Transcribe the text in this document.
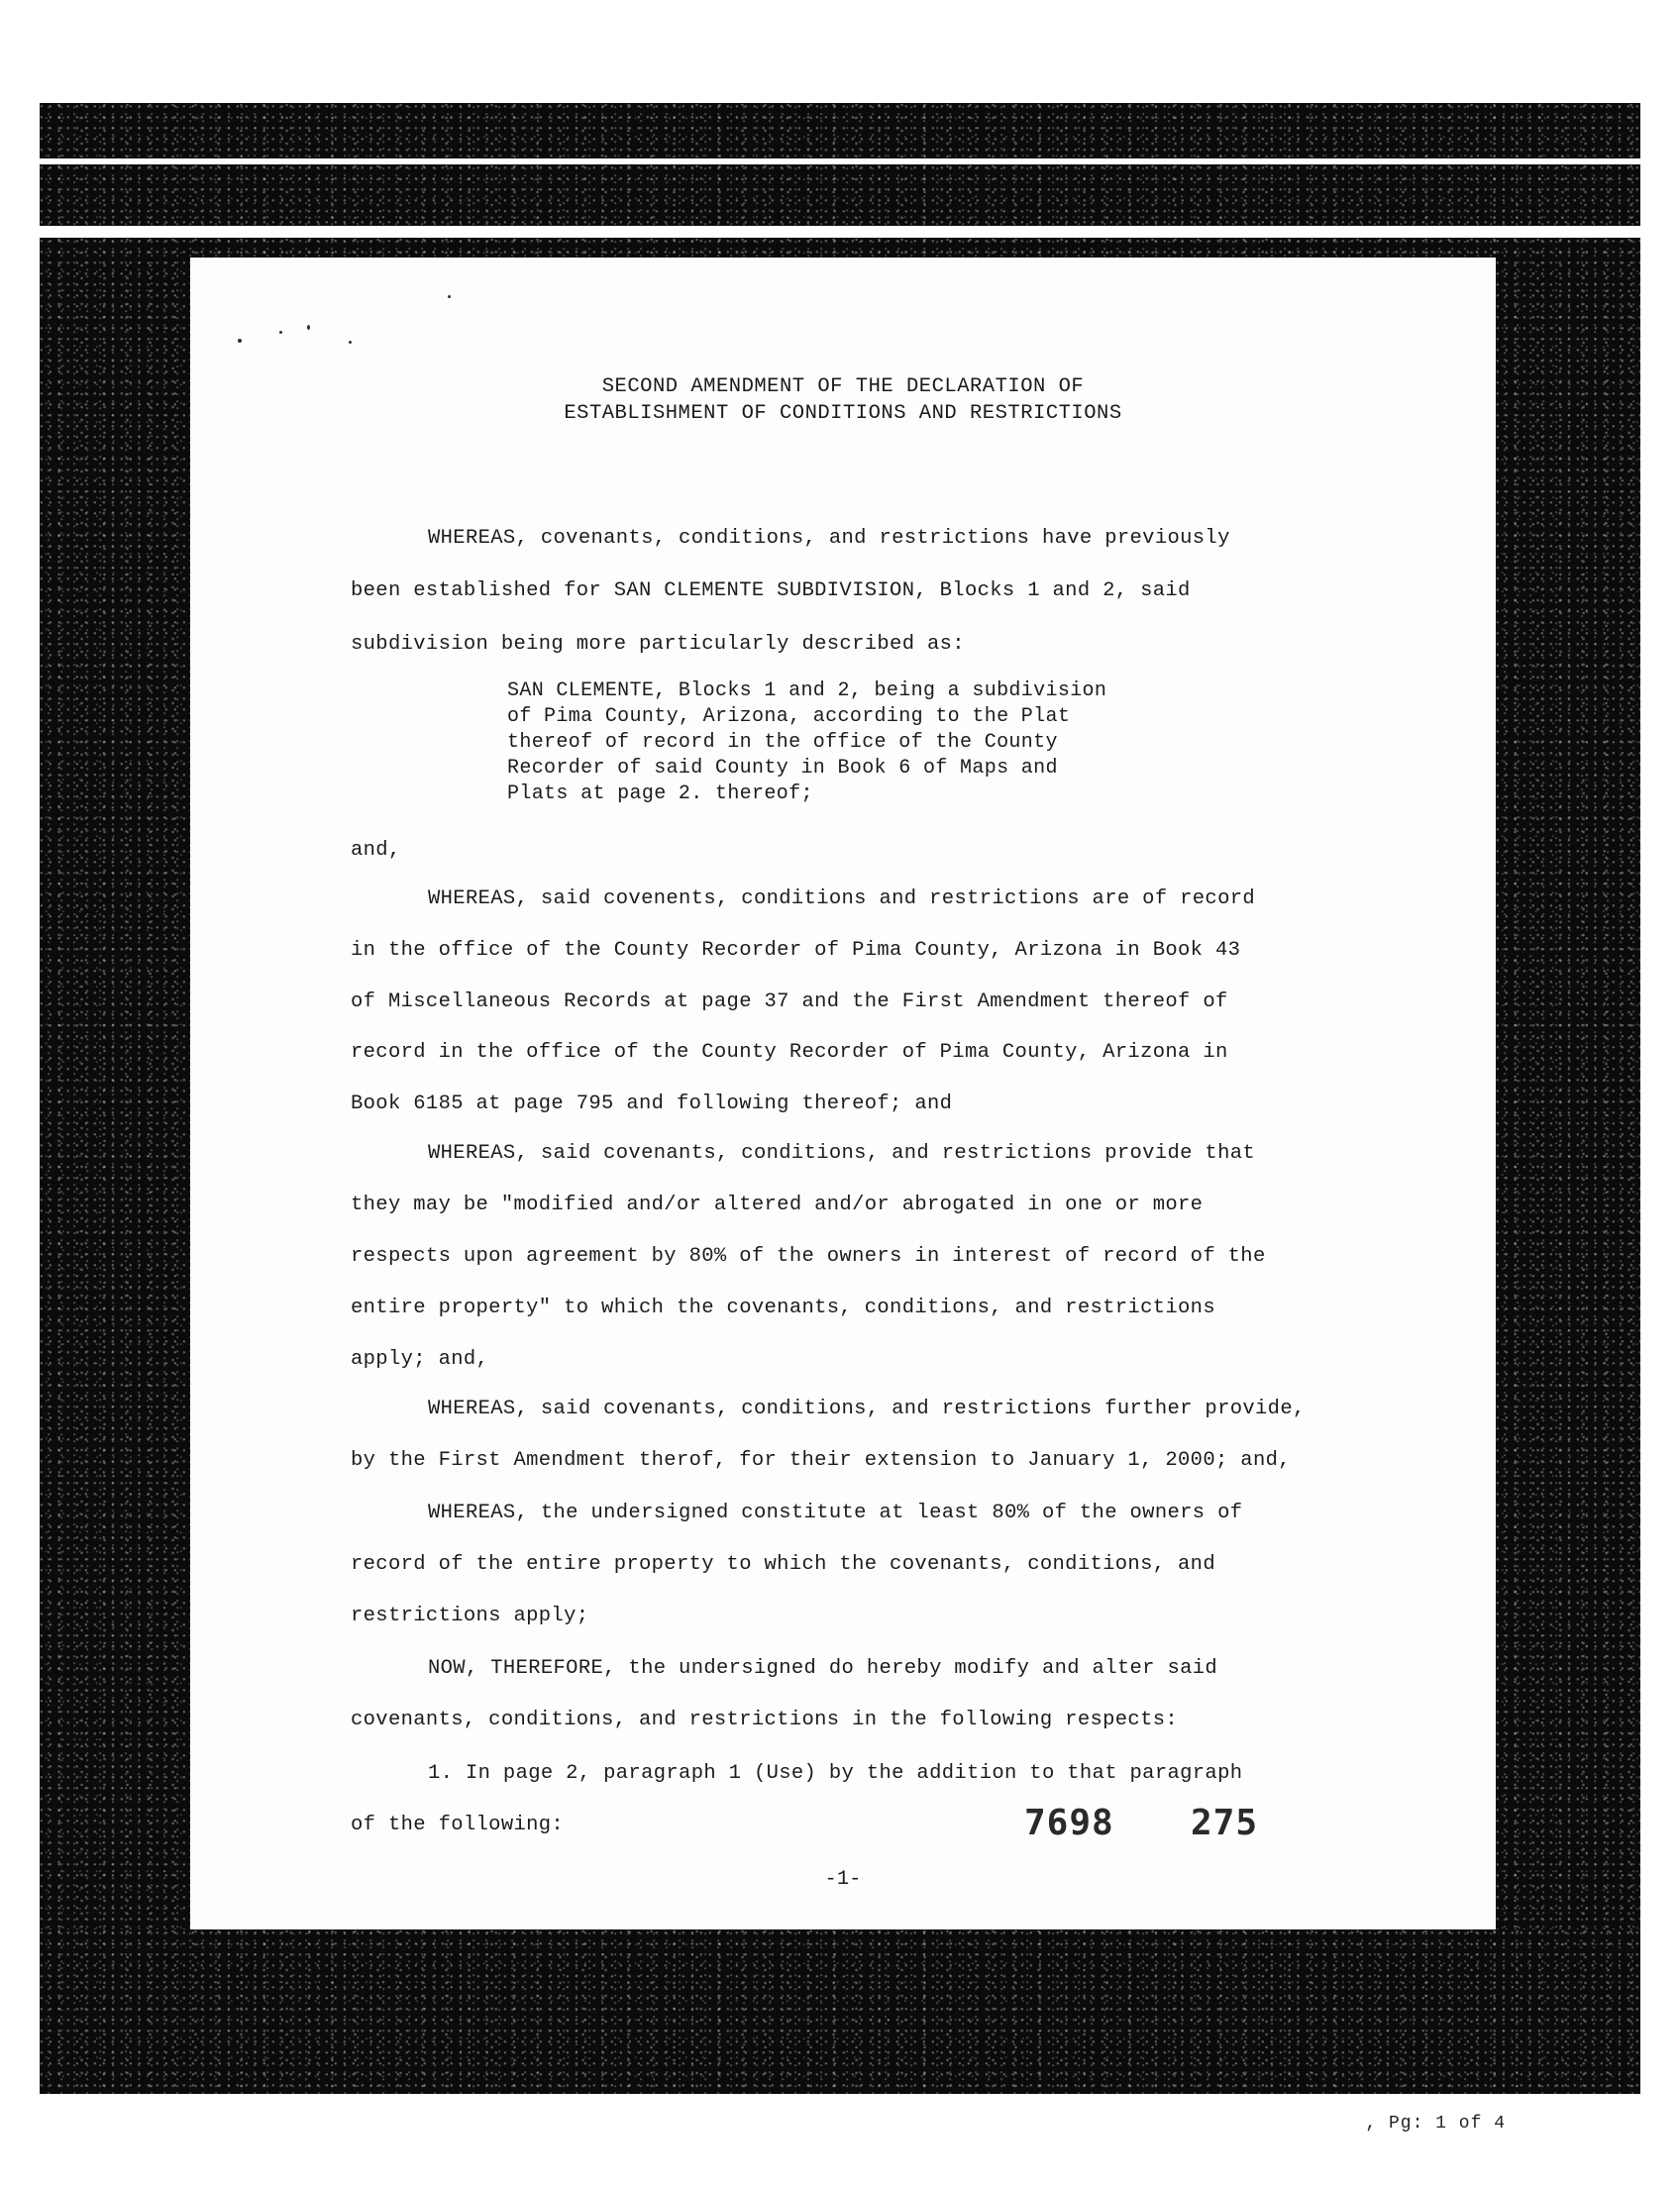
SECOND AMENDMENT OF THE DECLARATION OF
ESTABLISHMENT OF CONDITIONS AND RESTRICTIONS
WHEREAS, covenants, conditions, and restrictions have previously
been established for SAN CLEMENTE SUBDIVISION, Blocks 1 and 2, said
subdivision being more particularly described as:
SAN CLEMENTE, Blocks 1 and 2, being a subdivision
of Pima County, Arizona, according to the Plat
thereof of record in the office of the County
Recorder of said County in Book 6 of Maps and
Plats at page 2. thereof;
and,
WHEREAS, said covenents, conditions and restrictions are of record
in the office of the County Recorder of Pima County, Arizona in Book 43
of Miscellaneous Records at page 37 and the First Amendment thereof of
record in the office of the County Recorder of Pima County, Arizona in
Book 6185 at page 795 and following thereof; and
WHEREAS, said covenants, conditions, and restrictions provide that
they may be "modified and/or altered and/or abrogated in one or more
respects upon agreement by 80% of the owners in interest of record of the
entire property" to which the covenants, conditions, and restrictions
apply; and,
WHEREAS, said covenants, conditions, and restrictions further provide,
by the First Amendment therof, for their extension to January 1, 2000; and,
WHEREAS, the undersigned constitute at least 80% of the owners of
record of the entire property to which the covenants, conditions, and
restrictions apply;
NOW, THEREFORE, the undersigned do hereby modify and alter said
covenants, conditions, and restrictions in the following respects:
1. In page 2, paragraph 1 (Use) by the addition to that paragraph
of the following:	7698 275
-1-
, Pg: 1 of 4
